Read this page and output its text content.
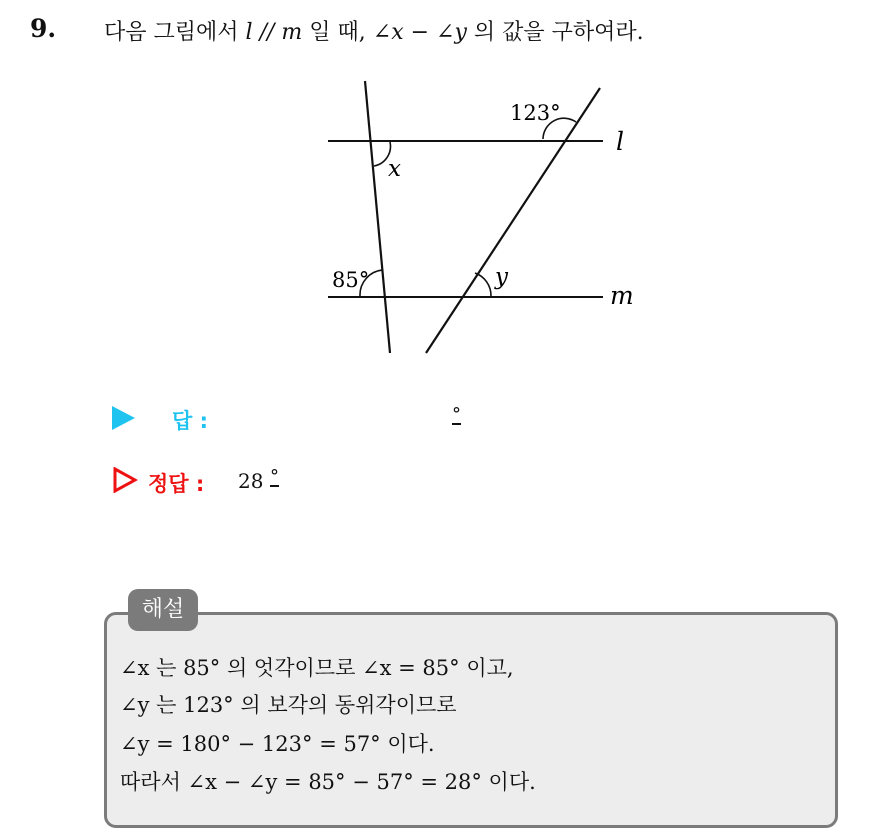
9. 다음 그림에서 l // m 일 때, ∠x − ∠y 의 값을 구하여라.
123°
x
l
85°	y
m
답 :	°
정답 : 28 °
해설
∠x 는 85° 의 엇각이므로 ∠x = 85° 이고,
∠y 는 123° 의 보각의 동위각이므로
∠y = 180° − 123° = 57° 이다.
따라서 ∠x − ∠y = 85° − 57° = 28° 이다.
